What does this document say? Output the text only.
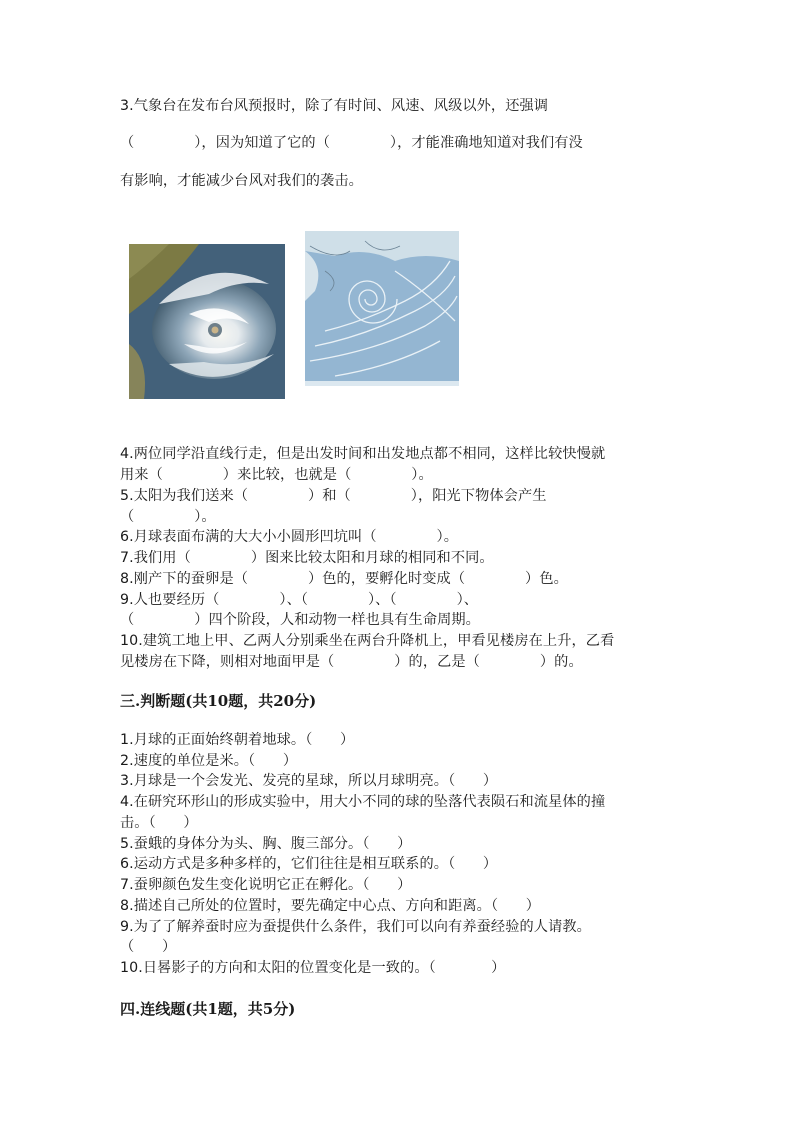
3.气象台在发布台风预报时，除了有时间、风速、风级以外，还强调
（             ），因为知道了它的（             ），才能准确地知道对我们有没
有影响，才能减少台风对我们的袭击。
4.两位同学沿直线行走，但是出发时间和出发地点都不相同，这样比较快慢就
用来（             ）来比较，也就是（             ）。
5.太阳为我们送来（             ）和（             ），阳光下物体会产生
（             ）。
6.月球表面布满的大大小小圆形凹坑叫（             ）。
7.我们用（             ）图来比较太阳和月球的相同和不同。
8.刚产下的蚕卵是（             ）色的，要孵化时变成（             ）色。
9.人也要经历（             ）、（             ）、（             ）、
（             ）四个阶段，人和动物一样也具有生命周期。
10.建筑工地上甲、乙两人分别乘坐在两台升降机上，甲看见楼房在上升，乙看
见楼房在下降，则相对地面甲是（             ）的，乙是（             ）的。
三.判断题(共10题，共20分)
1.月球的正面始终朝着地球。（      ）
2.速度的单位是米。（      ）
3.月球是一个会发光、发亮的星球，所以月球明亮。（      ）
4.在研究环形山的形成实验中，用大小不同的球的坠落代表陨石和流星体的撞
击。（      ）
5.蚕蛾的身体分为头、胸、腹三部分。（      ）
6.运动方式是多种多样的，它们往往是相互联系的。（      ）
7.蚕卵颜色发生变化说明它正在孵化。（      ）
8.描述自己所处的位置时，要先确定中心点、方向和距离。（      ）
9.为了了解养蚕时应为蚕提供什么条件，我们可以向有养蚕经验的人请教。
（      ）
10.日晷影子的方向和太阳的位置变化是一致的。（            ）
四.连线题(共1题，共5分)
